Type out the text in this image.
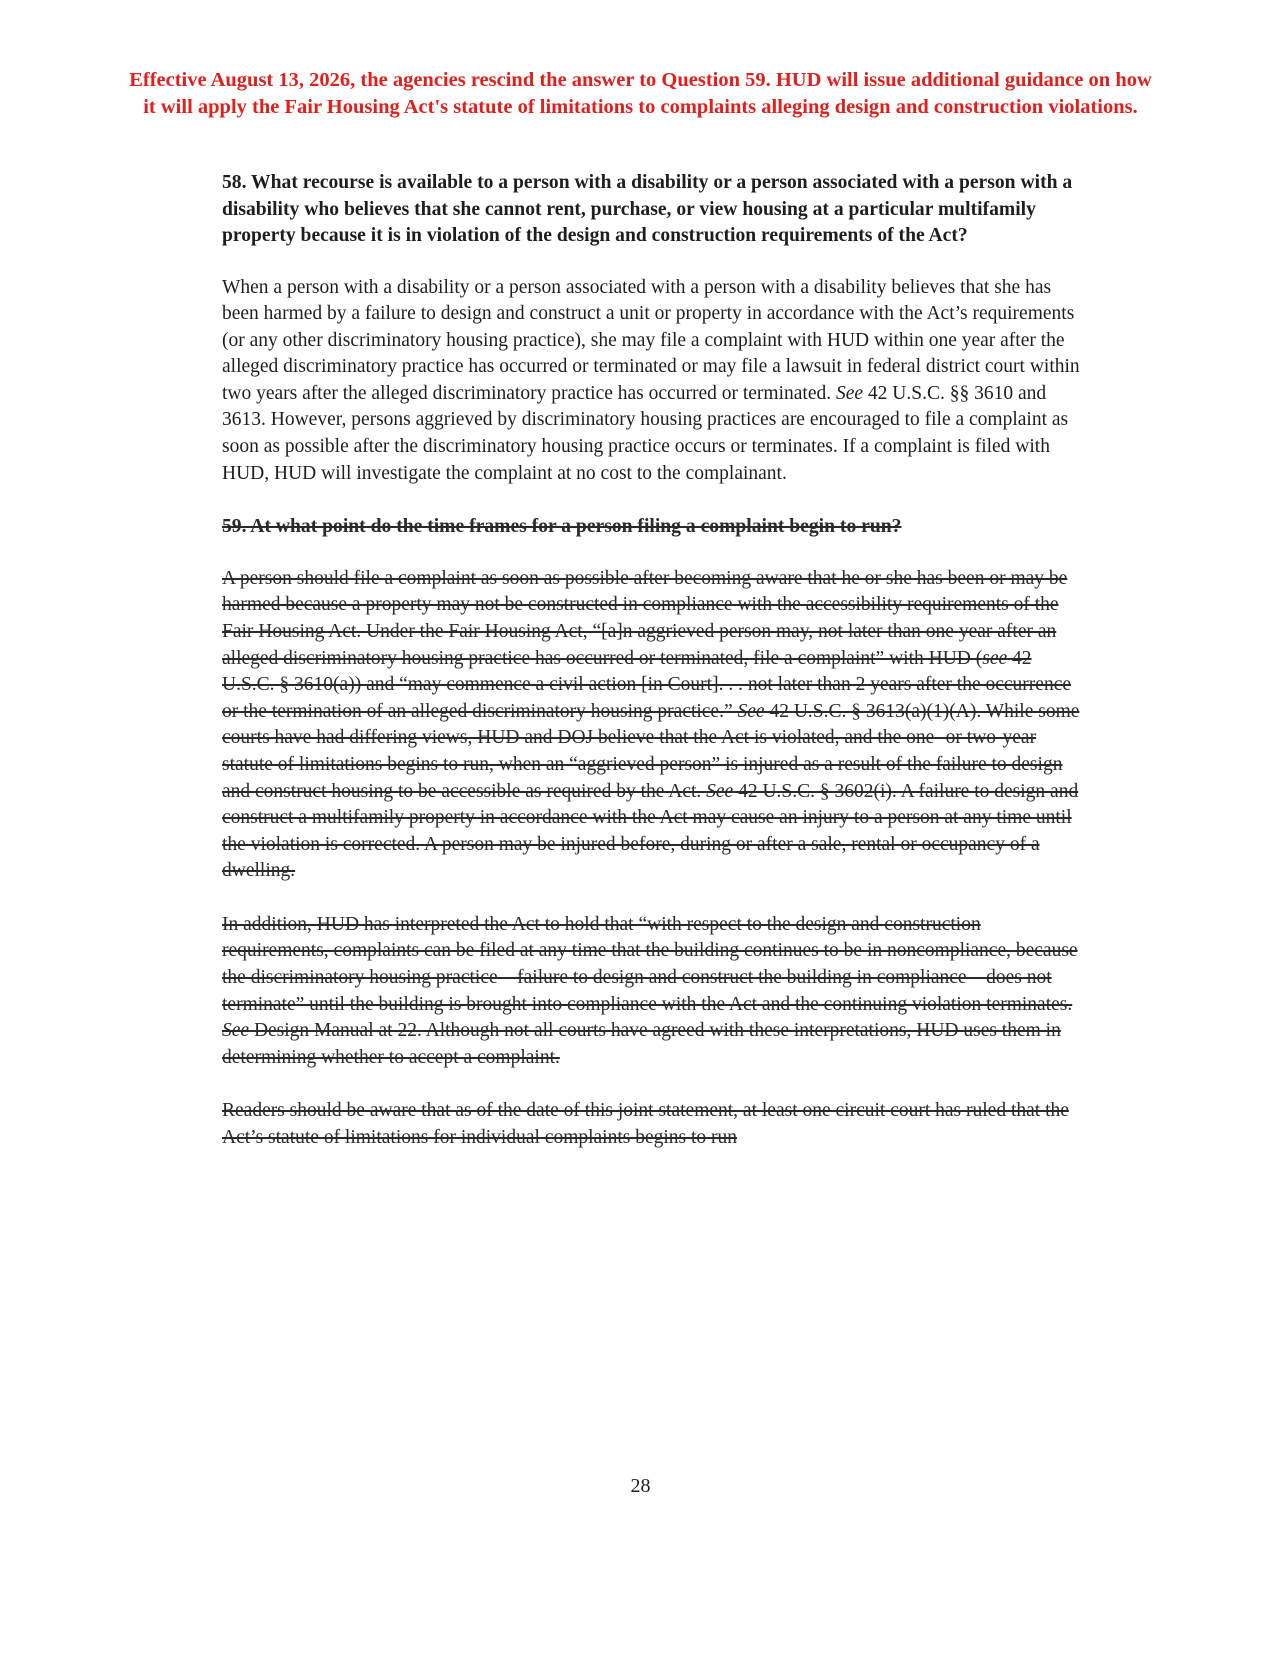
Effective August 13, 2026, the agencies rescind the answer to Question 59. HUD will issue additional guidance on how
it will apply the Fair Housing Act's statute of limitations to complaints alleging design and construction violations.

58. What recourse is available to a person with a disability or a person associated with a person with a disability who believes that she cannot rent, purchase, or view housing at a particular multifamily property because it is in violation of the design and construction requirements of the Act?

When a person with a disability or a person associated with a person with a disability believes that she has been harmed by a failure to design and construct a unit or property in accordance with the Act’s requirements (or any other discriminatory housing practice), she may file a complaint with HUD within one year after the alleged discriminatory practice has occurred or terminated or may file a lawsuit in federal district court within two years after the alleged discriminatory practice has occurred or terminated. See 42 U.S.C. §§ 3610 and 3613. However, persons aggrieved by discriminatory housing practices are encouraged to file a complaint as soon as possible after the discriminatory housing practice occurs or terminates. If a complaint is filed with HUD, HUD will investigate the complaint at no cost to the complainant.

59. At what point do the time frames for a person filing a complaint begin to run?

A person should file a complaint as soon as possible after becoming aware that he or she has been or may be harmed because a property may not be constructed in compliance with the accessibility requirements of the Fair Housing Act. Under the Fair Housing Act, “[a]n aggrieved person may, not later than one year after an alleged discriminatory housing practice has occurred or terminated, file a complaint” with HUD (see 42 U.S.C. § 3610(a)) and “may commence a civil action [in Court]. . . not later than 2 years after the occurrence or the termination of an alleged discriminatory housing practice.” See 42 U.S.C. § 3613(a)(1)(A). While some courts have had differing views, HUD and DOJ believe that the Act is violated, and the one- or two-year statute of limitations begins to run, when an “aggrieved person” is injured as a result of the failure to design and construct housing to be accessible as required by the Act. See 42 U.S.C. § 3602(i). A failure to design and construct a multifamily property in accordance with the Act may cause an injury to a person at any time until the violation is corrected. A person may be injured before, during or after a sale, rental or occupancy of a dwelling.

In addition, HUD has interpreted the Act to hold that “with respect to the design and construction requirements, complaints can be filed at any time that the building continues to be in noncompliance, because the discriminatory housing practice – failure to design and construct the building in compliance – does not terminate” until the building is brought into compliance with the Act and the continuing violation terminates. See Design Manual at 22. Although not all courts have agreed with these interpretations, HUD uses them in determining whether to accept a complaint.

Readers should be aware that as of the date of this joint statement, at least one circuit court has ruled that the Act’s statute of limitations for individual complaints begins to run

28
